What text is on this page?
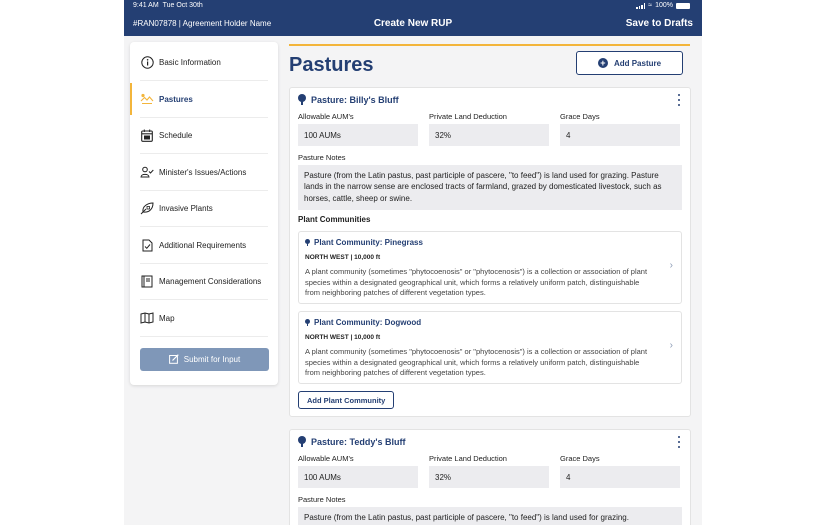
9:41 AM Tue Oct 30th	≈ 100%
#RAN07878 | Agreement Holder Name	Create New RUP	Save to Drafts
Basic Information
Pastures
Schedule
Minister's Issues/Actions
Invasive Plants
Additional Requirements
Management Considerations
Map
Submit for Input
Pastures	+ Add Pasture
Pasture: Billy's Bluff
Allowable AUM's	Private Land Deduction	Grace Days
100 AUMs	32%	4
Pasture Notes
Pasture (from the Latin pastus, past participle of pascere, "to feed") is land used for grazing. Pasture lands in the narrow sense are enclosed tracts of farmland, grazed by domesticated livestock, such as horses, cattle, sheep or swine.
Plant Communities
Plant Community: Pinegrass
NORTH WEST | 10,000 ft
A plant community (sometimes "phytocoenosis" or "phytocenosis") is a collection or association of plant species within a designated geographical unit, which forms a relatively uniform patch, distinguishable from neighboring patches of different vegetation types.
›
Plant Community: Dogwood
NORTH WEST | 10,000 ft
A plant community (sometimes "phytocoenosis" or "phytocenosis") is a collection or association of plant species within a designated geographical unit, which forms a relatively uniform patch, distinguishable from neighboring patches of different vegetation types.
›
Add Plant Community
Pasture: Teddy's Bluff
Allowable AUM's	Private Land Deduction	Grace Days
100 AUMs	32%	4
Pasture Notes
Pasture (from the Latin pastus, past participle of pascere, "to feed") is land used for grazing.
